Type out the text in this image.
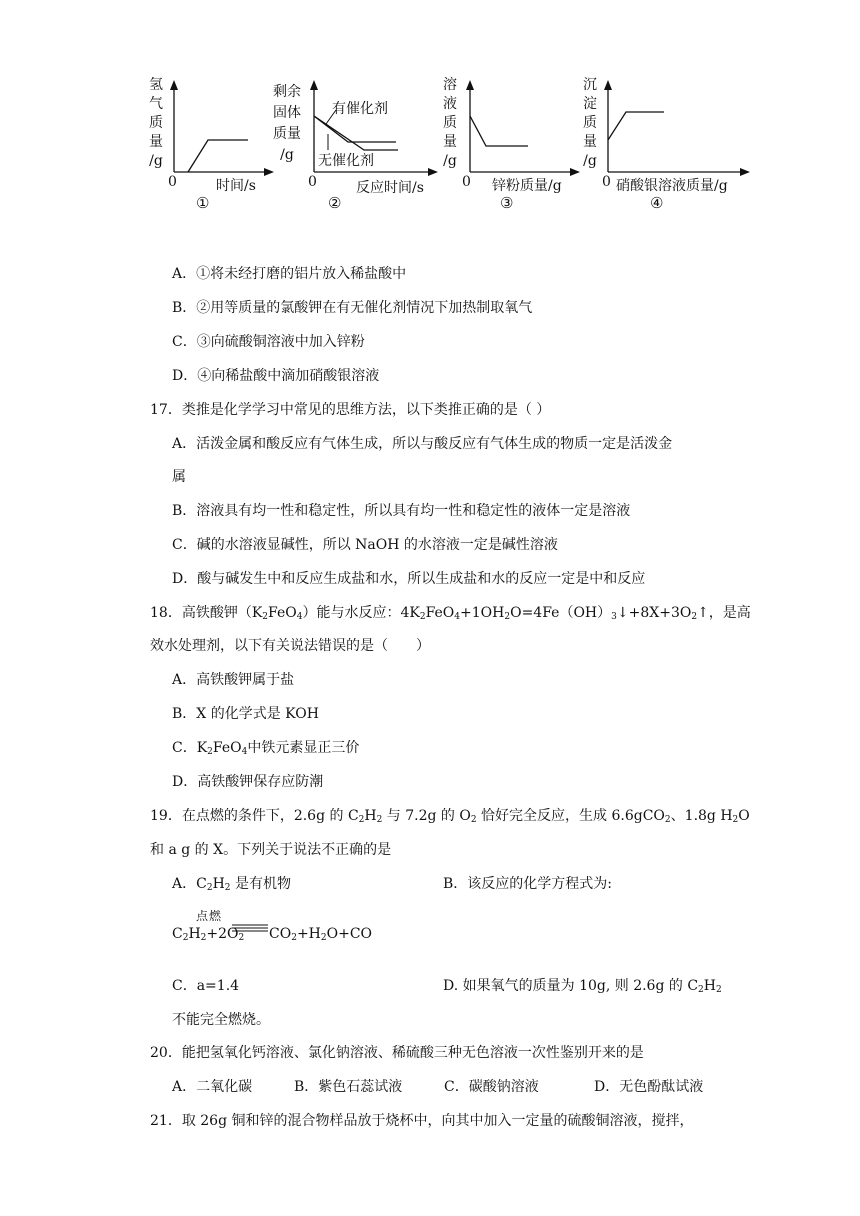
氢
气
质
量
/g
0	时间/s
①
剩余
固体
质量
/g
有催化剂
无催化剂
0	反应时间/s
②
溶
液
质
量
/g
0 锌粉质量/g
③
沉
淀
质
量
/g
0 硝酸银溶液质量/g
④
A．①将未经打磨的铝片放入稀盐酸中
B．②用等质量的氯酸钾在有无催化剂情况下加热制取氧气
C．③向硫酸铜溶液中加入锌粉
D．④向稀盐酸中滴加硝酸银溶液
17．类推是化学学习中常见的思维方法，以下类推正确的是（ ）
A．活泼金属和酸反应有气体生成，所以与酸反应有气体生成的物质一定是活泼金
属
B．溶液具有均一性和稳定性，所以具有均一性和稳定性的液体一定是溶液
C．碱的水溶液显碱性，所以 NaOH 的水溶液一定是碱性溶液
D．酸与碱发生中和反应生成盐和水，所以生成盐和水的反应一定是中和反应
18．高铁酸钾$(K_2FeO_4)$能与水反应：$4K_2FeO_4+1OH_2O=4Fe(OH)_3↓+8X+3O_2↑$，是高
效水处理剂，以下有关说法错误的是（　　）
A．高铁酸钾属于盐
B．X 的化学式是 KOH
C．$K_2FeO_4$中铁元素显正三价
D．高铁酸钾保存应防潮
19．在点燃的条件下，2.6g 的 $C_2H_2$ 与 7.2g 的 $O_2$ 恰好完全反应，生成 6.6gCO$_2$、1.8g $H_2O$
和 a g 的 X。下列关于说法不正确的是
A．$C_2H_2$ 是有机物	B．该反应的化学方程式为:
点燃
$C_2H_2+2O_2$ $CO_2+H_2O+CO$
C．a=1.4	D. 如果氧气的质量为 10g, 则 2.6g 的 $C_2H_2$
不能完全燃烧。
20．能把氢氧化钙溶液、氯化钠溶液、稀硫酸三种无色溶液一次性鉴别开来的是
A．二氧化碳	B．紫色石蕊试液	C．碳酸钠溶液	D．无色酚酞试液
21．取 26g 铜和锌的混合物样品放于烧杯中，向其中加入一定量的硫酸铜溶液，搅拌，
